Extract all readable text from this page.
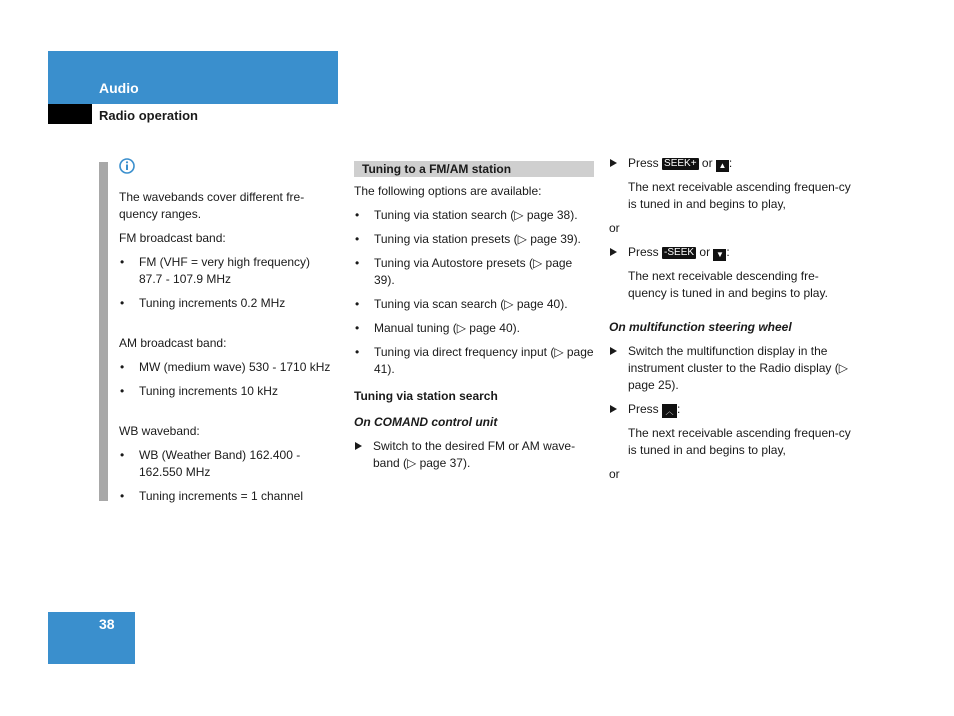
Audio
Radio operation

The wavebands cover different fre-quency ranges.

FM broadcast band:

• FM (VHF = very high frequency) 87.7 - 107.9 MHz
• Tuning increments 0.2 MHz

AM broadcast band:

• MW (medium wave) 530 - 1710 kHz
• Tuning increments 10 kHz

WB waveband:

• WB (Weather Band) 162.400 - 162.550 MHz
• Tuning increments = 1 channel
Tuning to a FM/AM station

The following options are available:

• Tuning via station search (▷ page 38).
• Tuning via station presets (▷ page 39).
• Tuning via Autostore presets (▷ page 39).
• Tuning via scan search (▷ page 40).
• Manual tuning (▷ page 40).
• Tuning via direct frequency input (▷ page 41).
Tuning via station search
On COMAND control unit
Switch to the desired FM or AM wave-band (▷ page 37).
Press SEEK+ or ▲ :

The next receivable ascending frequen-cy is tuned in and begins to play,

or

Press -SEEK or ▼ :

The next receivable descending fre-quency is tuned in and begins to play.

On multifunction steering wheel
Switch the multifunction display in the instrument cluster to the Radio display (▷ page 25).
Press ︿ :

The next receivable ascending frequen-cy is tuned in and begins to play,

or

38
